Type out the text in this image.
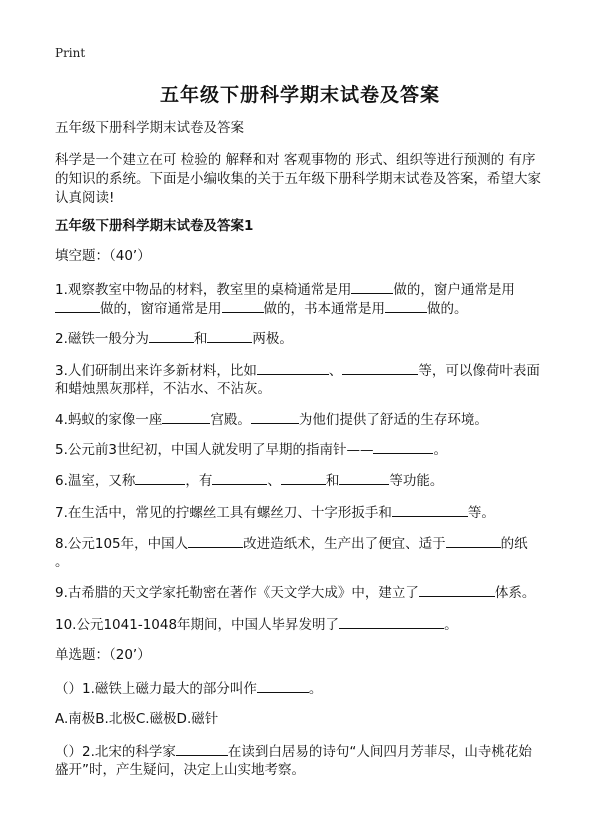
Print
五年级下册科学期末试卷及答案
五年级下册科学期末试卷及答案
科学是一个建立在可 检验的 解释和对 客观事物的 形式、组织等进行预测的 有序
的知识的系统。下面是小编收集的关于五年级下册科学期末试卷及答案，希望大家
认真阅读!
五年级下册科学期末试卷及答案1
填空题：（40’）
1.观察教室中物品的材料，教室里的桌椅通常是用	做的，窗户通常是用
做的，窗帘通常是用	做的，书本通常是用	做的。
2.磁铁一般分为	和	两极。
3.人们研制出来许多新材料，比如	、	等，可以像荷叶表面
和蜡烛黑灰那样，不沾水、不沾灰。
4.蚂蚁的家像一座	宫殿。	为他们提供了舒适的生存环境。
5.公元前3世纪初，中国人就发明了早期的指南针——	。
6.温室，又称	，有	、	和	等功能。
7.在生活中，常见的拧螺丝工具有螺丝刀、十字形扳手和	等。
8.公元105年，中国人	改进造纸术，生产出了便宜、适于	的纸
。
9.古希腊的天文学家托勒密在著作《天文学大成》中，建立了	体系。
10.公元1041-1048年期间，中国人毕昇发明了	。
单选题：（20’）
（）1.磁铁上磁力最大的部分叫作	。
A.南极B.北极C.磁极D.磁针
（）2.北宋的科学家	在读到白居易的诗句“人间四月芳菲尽，山寺桃花始
盛开”时，产生疑问，决定上山实地考察。
